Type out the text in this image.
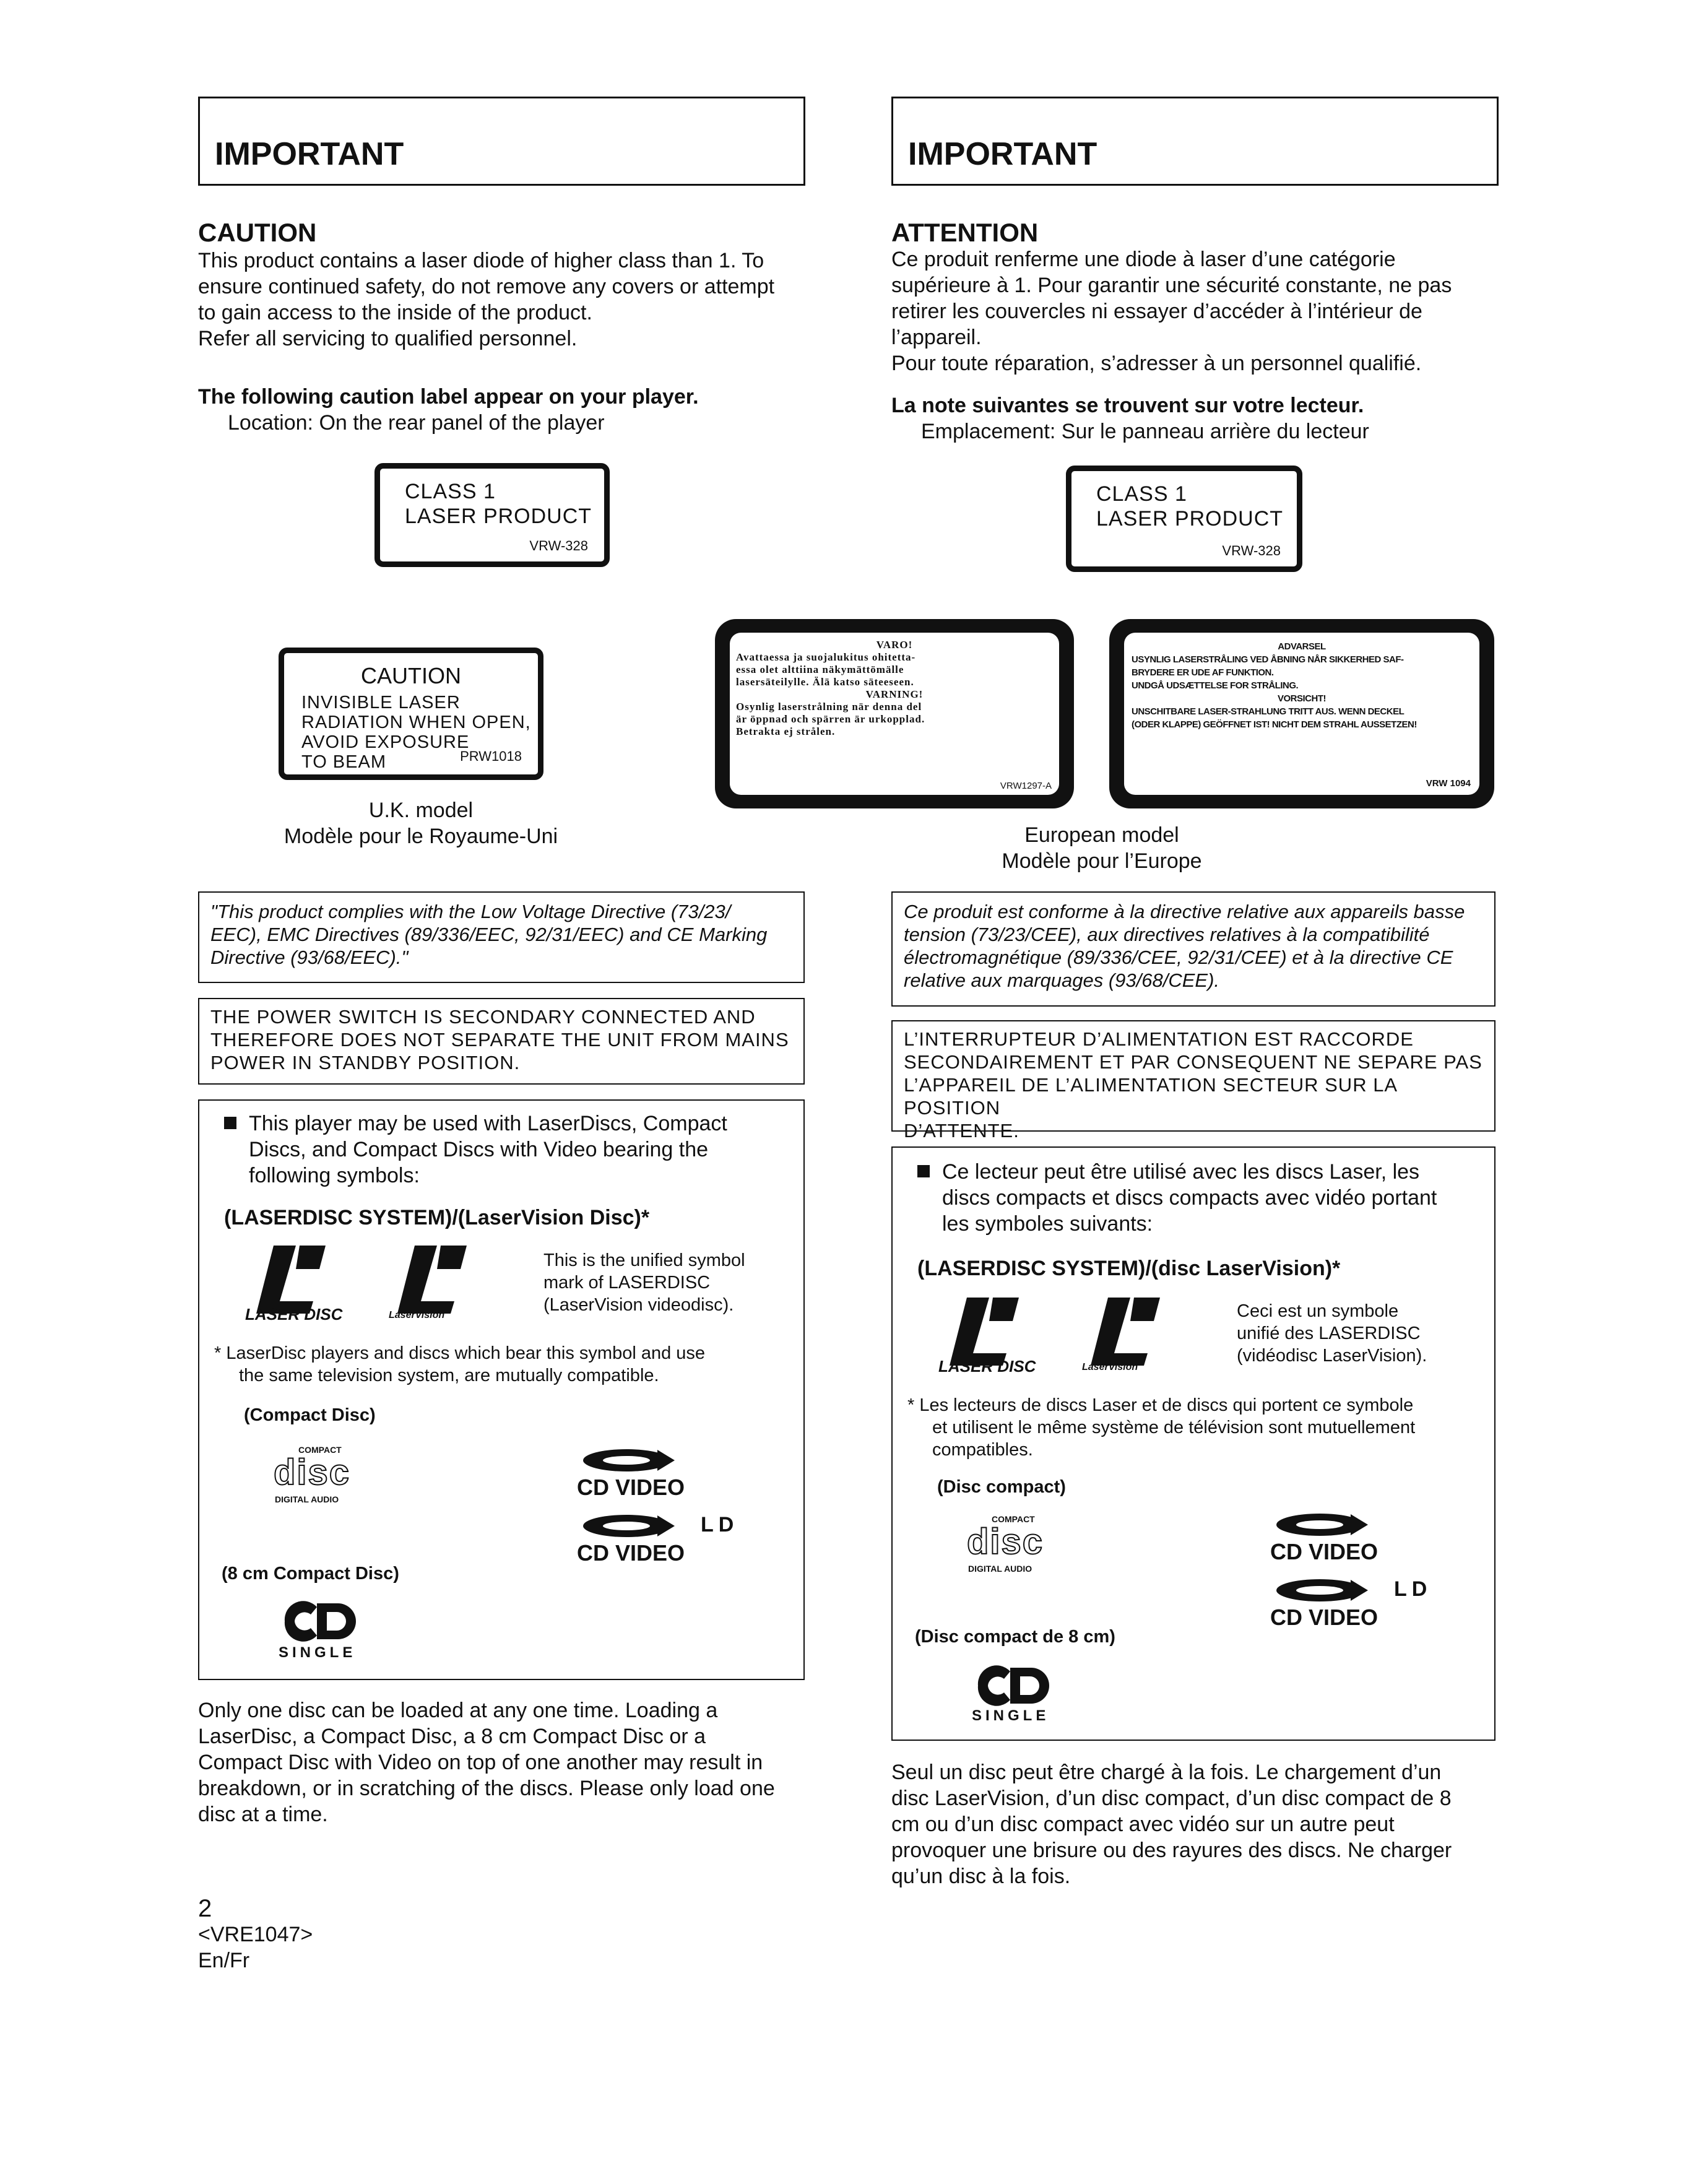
IMPORTANT
CAUTION
This product contains a laser diode of higher class than 1. To
ensure continued safety, do not remove any covers or attempt
to gain access to the inside of the product.
Refer all servicing to qualified personnel.
The following caution label appear on your player.
Location: On the rear panel of the player
CLASS 1
LASER PRODUCT
VRW-328
CAUTION
INVISIBLE LASER
RADIATION WHEN OPEN,
AVOID EXPOSURE
TO BEAM	PRW1018
U.K. model
Modèle pour le Royaume-Uni
"This product complies with the Low Voltage Directive (73/23/
EEC), EMC Directives (89/336/EEC, 92/31/EEC) and CE Marking
Directive (93/68/EEC)."
THE POWER SWITCH IS SECONDARY CONNECTED AND
THEREFORE DOES NOT SEPARATE THE UNIT FROM MAINS
POWER IN STANDBY POSITION.
This player may be used with LaserDiscs, Compact
Discs, and Compact Discs with Video bearing the
following symbols:
(LASERDISC SYSTEM)/(LaserVision Disc)*
LASER DISC	LaserVision
This is the unified symbol
mark of LASERDISC
(LaserVision videodisc).
* LaserDisc players and discs which bear this symbol and use
the same television system, are mutually compatible.
(Compact Disc)
COMPACT
disc
DIGITAL AUDIO	CD VIDEO
LD
CD VIDEO
(8 cm Compact Disc)
SINGLE
Only one disc can be loaded at any one time. Loading a
LaserDisc, a Compact Disc, a 8 cm Compact Disc or a
Compact Disc with Video on top of one another may result in
breakdown, or in scratching of the discs. Please only load one
disc at a time.
2
<VRE1047>
En/Fr
IMPORTANT
ATTENTION
Ce produit renferme une diode à laser d’une catégorie
supérieure à 1. Pour garantir une sécurité constante, ne pas
retirer les couvercles ni essayer d’accéder à l’intérieur de
l’appareil.
Pour toute réparation, s’adresser à un personnel qualifié.
La note suivantes se trouvent sur votre lecteur.
Emplacement: Sur le panneau arrière du lecteur
CLASS 1
LASER PRODUCT
VRW-328
VARO!
Avattaessa ja suojalukitus ohitetta-
essa olet alttiina näkymättömälle
lasersäteilylle. Älä katso säteeseen.
VARNING!
Osynlig laserstrålning när denna del
är öppnad och spärren är urkopplad.
Betrakta ej strålen.
VRW1297-A
ADVARSEL
USYNLIG LASERSTRÅLING VED ÅBNING NÅR SIKKERHED SAF-
BRYDERE ER UDE AF FUNKTION.
UNDGÅ UDSÆTTELSE FOR STRÅLING.
VORSICHT!
UNSCHITBARE LASER-STRAHLUNG TRITT AUS. WENN DECKEL
(ODER KLAPPE) GEÖFFNET IST! NICHT DEM STRAHL AUSSETZEN!
VRW 1094
European model
Modèle pour l’Europe
Ce produit est conforme à la directive relative aux appareils basse
tension (73/23/CEE), aux directives relatives à la compatibilité
électromagnétique (89/336/CEE, 92/31/CEE) et à la directive CE
relative aux marquages (93/68/CEE).
L’INTERRUPTEUR D’ALIMENTATION EST RACCORDE
SECONDAIREMENT ET PAR CONSEQUENT NE SEPARE PAS
L’APPAREIL DE L’ALIMENTATION SECTEUR SUR LA POSITION
D’ATTENTE.
Ce lecteur peut être utilisé avec les discs Laser, les
discs compacts et discs compacts avec vidéo portant
les symboles suivants:
(LASERDISC SYSTEM)/(disc LaserVision)*
LASER DISC	LaserVision
Ceci est un symbole
unifié des LASERDISC
(vidéodisc LaserVision).
* Les lecteurs de discs Laser et de discs qui portent ce symbole
et utilisent le même système de télévision sont mutuellement
compatibles.
(Disc compact)
COMPACT
disc
DIGITAL AUDIO
CD VIDEO
LD
CD VIDEO
(Disc compact de 8 cm)
SINGLE
Seul un disc peut être chargé à la fois. Le chargement d’un
disc LaserVision, d’un disc compact, d’un disc compact de 8
cm ou d’un disc compact avec vidéo sur un autre peut
provoquer une brisure ou des rayures des discs. Ne charger
qu’un disc à la fois.
